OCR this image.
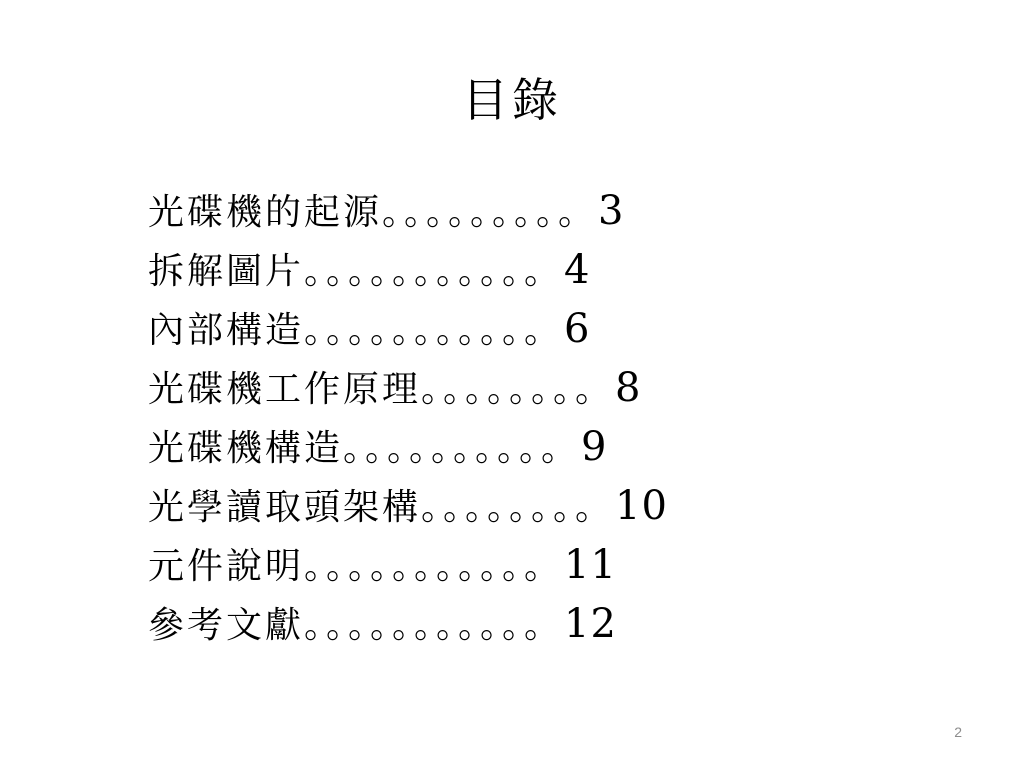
目錄
光碟機的起源。。。。。。。。。3
拆解圖片。。。。。。。。。。。4
內部構造。。。。。。。。。。。6
光碟機工作原理。。。。。。。。8
光碟機構造。。。。。。。。。。9
光學讀取頭架構。。。。。。。。10
元件說明。。。。。。。。。。。11
參考文獻。。。。。。。。。。。12
2
